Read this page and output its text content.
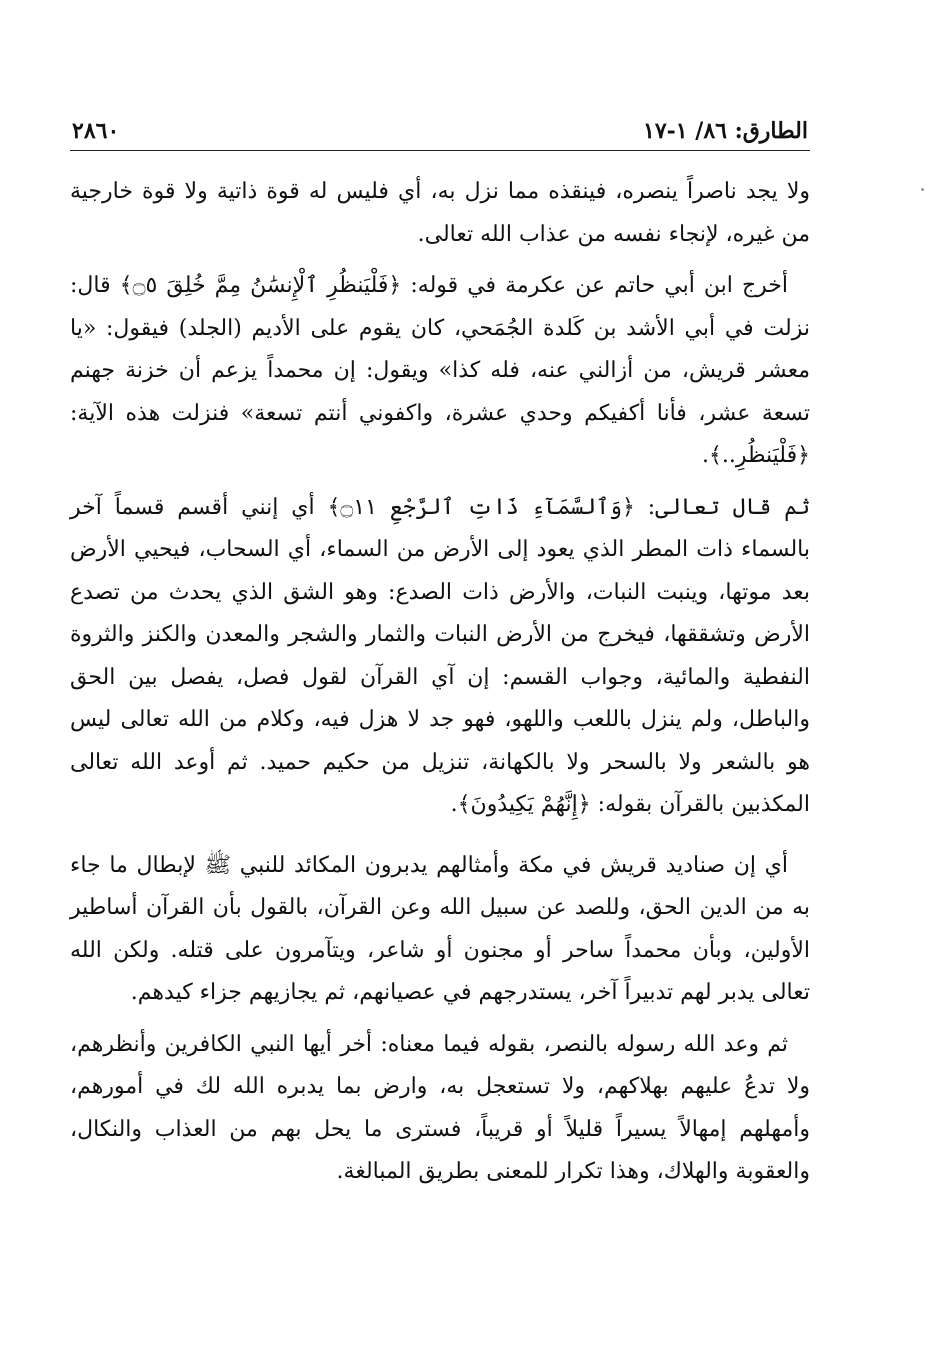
الطارق: ٨٦/ ١-١٧
٢٨٦٠

ولا يجد ناصراً ينصره، فينقذه مما نزل به، أي فليس له قوة ذاتية ولا قوة خارجية من غيره، لإنجاء نفسه من عذاب الله تعالى.

أخرج ابن أبي حاتم عن عكرمة في قوله: ﴿فَلْيَنظُرِ ٱلْإِنسَٰنُ مِمَّ خُلِقَ ۝٥﴾ قال: نزلت في أبي الأشد بن كَلدة الجُمَحي، كان يقوم على الأديم (الجلد) فيقول: «يا معشر قريش، من أزالني عنه، فله كذا» ويقول: إن محمداً يزعم أن خزنة جهنم تسعة عشر، فأنا أكفيكم وحدي عشرة، واكفوني أنتم تسعة» فنزلت هذه الآية: ﴿فَلْيَنظُرِ..﴾.

ثم قال تعالى: ﴿وَٱلسَّمَآءِ ذَاتِ ٱلرَّجْعِ ۝١١﴾ أي إنني أقسم قسماً آخر بالسماء ذات المطر الذي يعود إلى الأرض من السماء، أي السحاب، فيحيي الأرض بعد موتها، وينبت النبات، والأرض ذات الصدع: وهو الشق الذي يحدث من تصدع الأرض وتشققها، فيخرج من الأرض النبات والثمار والشجر والمعدن والكنز والثروة النفطية والمائية، وجواب القسم: إن آي القرآن لقول فصل، يفصل بين الحق والباطل، ولم ينزل باللعب واللهو، فهو جد لا هزل فيه، وكلام من الله تعالى ليس هو بالشعر ولا بالسحر ولا بالكهانة، تنزيل من حكيم حميد. ثم أوعد الله تعالى المكذبين بالقرآن بقوله: ﴿إِنَّهُمْ يَكِيدُونَ﴾.

أي إن صناديد قريش في مكة وأمثالهم يدبرون المكائد للنبي ﷺ لإبطال ما جاء به من الدين الحق، وللصد عن سبيل الله وعن القرآن، بالقول بأن القرآن أساطير الأولين، وبأن محمداً ساحر أو مجنون أو شاعر، ويتآمرون على قتله. ولكن الله تعالى يدبر لهم تدبيراً آخر، يستدرجهم في عصيانهم، ثم يجازيهم جزاء كيدهم.

ثم وعد الله رسوله بالنصر، بقوله فيما معناه: أخر أيها النبي الكافرين وأنظرهم، ولا تدعُ عليهم بهلاكهم، ولا تستعجل به، وارض بما يدبره الله لك في أمورهم، وأمهلهم إمهالاً يسيراً قليلاً أو قريباً، فسترى ما يحل بهم من العذاب والنكال، والعقوبة والهلاك، وهذا تكرار للمعنى بطريق المبالغة.
